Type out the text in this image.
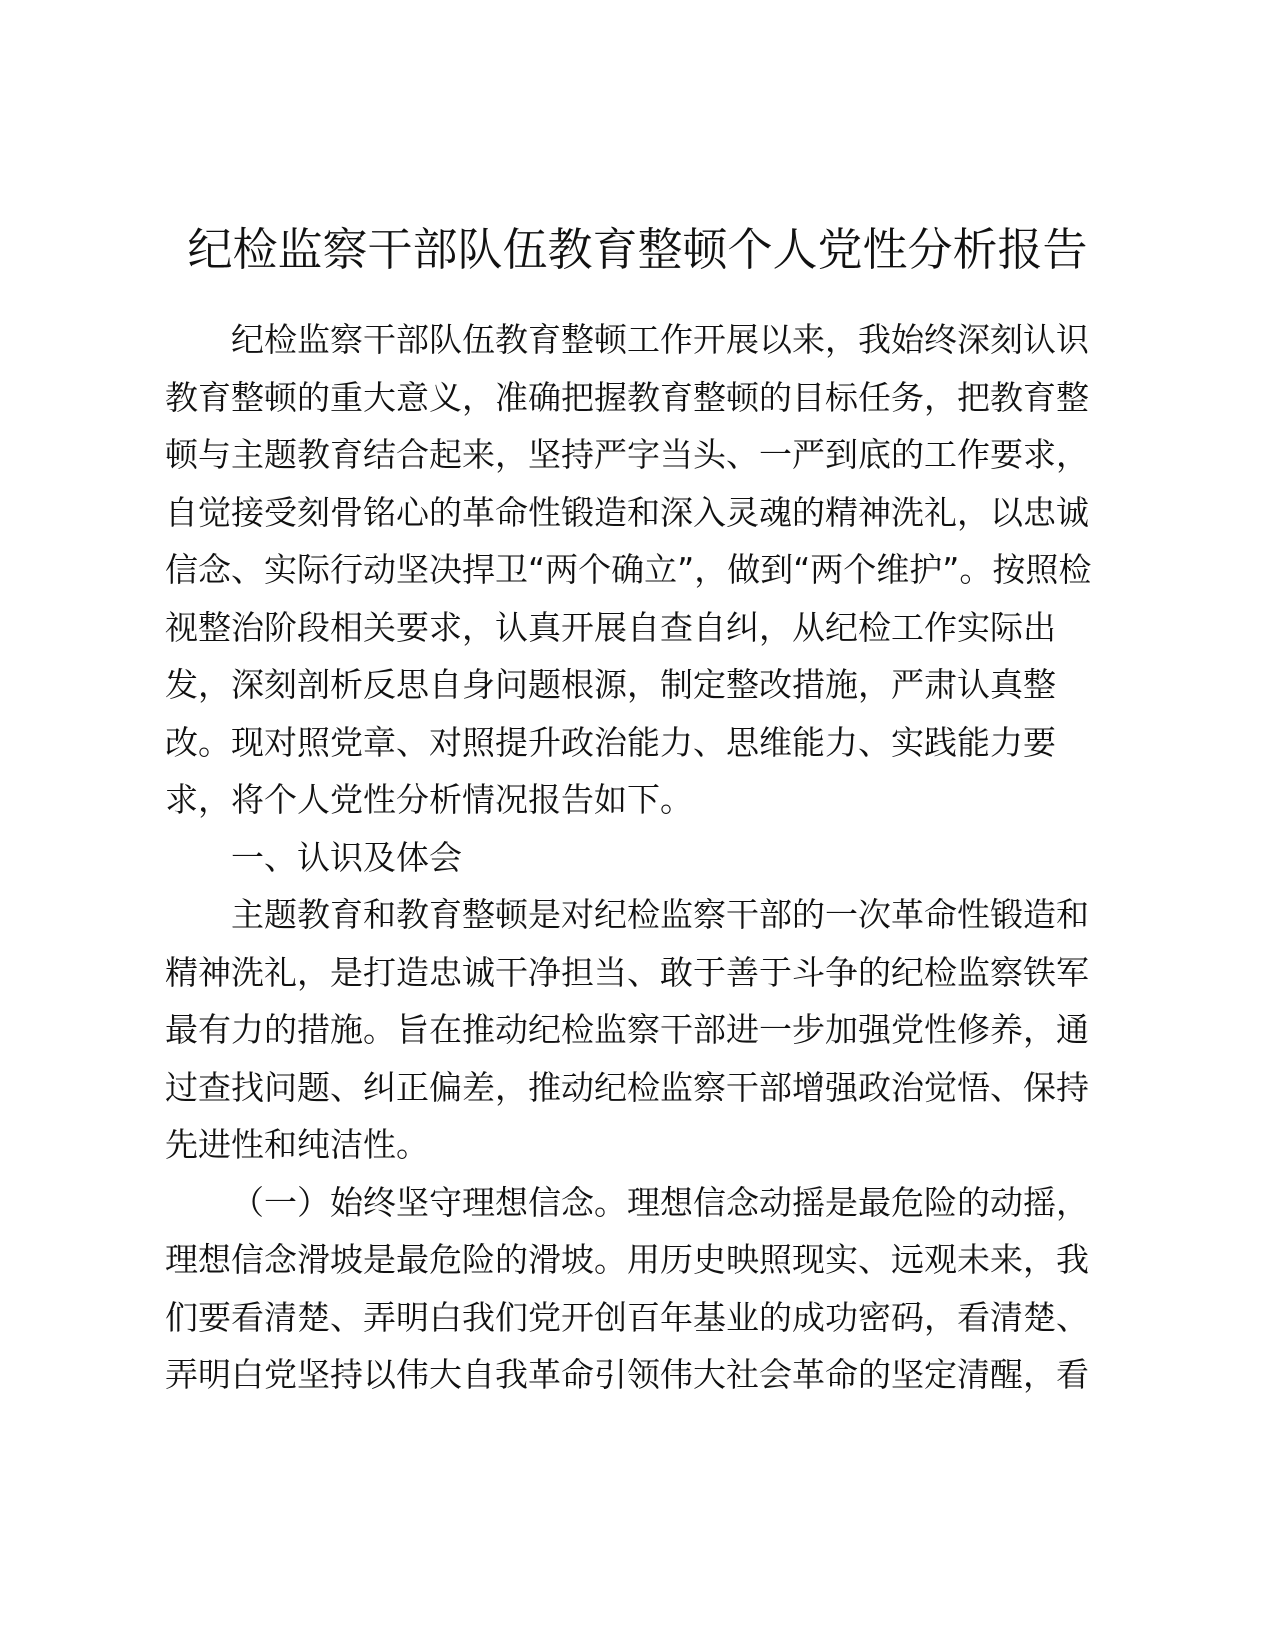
纪检监察干部队伍教育整顿个人党性分析报告

纪检监察干部队伍教育整顿工作开展以来，我始终深刻认识

教育整顿的重大意义，准确把握教育整顿的目标任务，把教育整

顿与主题教育结合起来，坚持严字当头、一严到底的工作要求，

自觉接受刻骨铭心的革命性锻造和深入灵魂的精神洗礼，以忠诚

信念、实际行动坚决捍卫“两个确立”，做到“两个维护”。按照检

视整治阶段相关要求，认真开展自查自纠，从纪检工作实际出

发，深刻剖析反思自身问题根源，制定整改措施，严肃认真整

改。现对照党章、对照提升政治能力、思维能力、实践能力要

求，将个人党性分析情况报告如下。

一、认识及体会

主题教育和教育整顿是对纪检监察干部的一次革命性锻造和

精神洗礼，是打造忠诚干净担当、敢于善于斗争的纪检监察铁军

最有力的措施。旨在推动纪检监察干部进一步加强党性修养，通

过查找问题、纠正偏差，推动纪检监察干部增强政治觉悟、保持

先进性和纯洁性。

（一）始终坚守理想信念。理想信念动摇是最危险的动摇，

理想信念滑坡是最危险的滑坡。用历史映照现实、远观未来，我

们要看清楚、弄明白我们党开创百年基业的成功密码，看清楚、

弄明白党坚持以伟大自我革命引领伟大社会革命的坚定清醒，看
